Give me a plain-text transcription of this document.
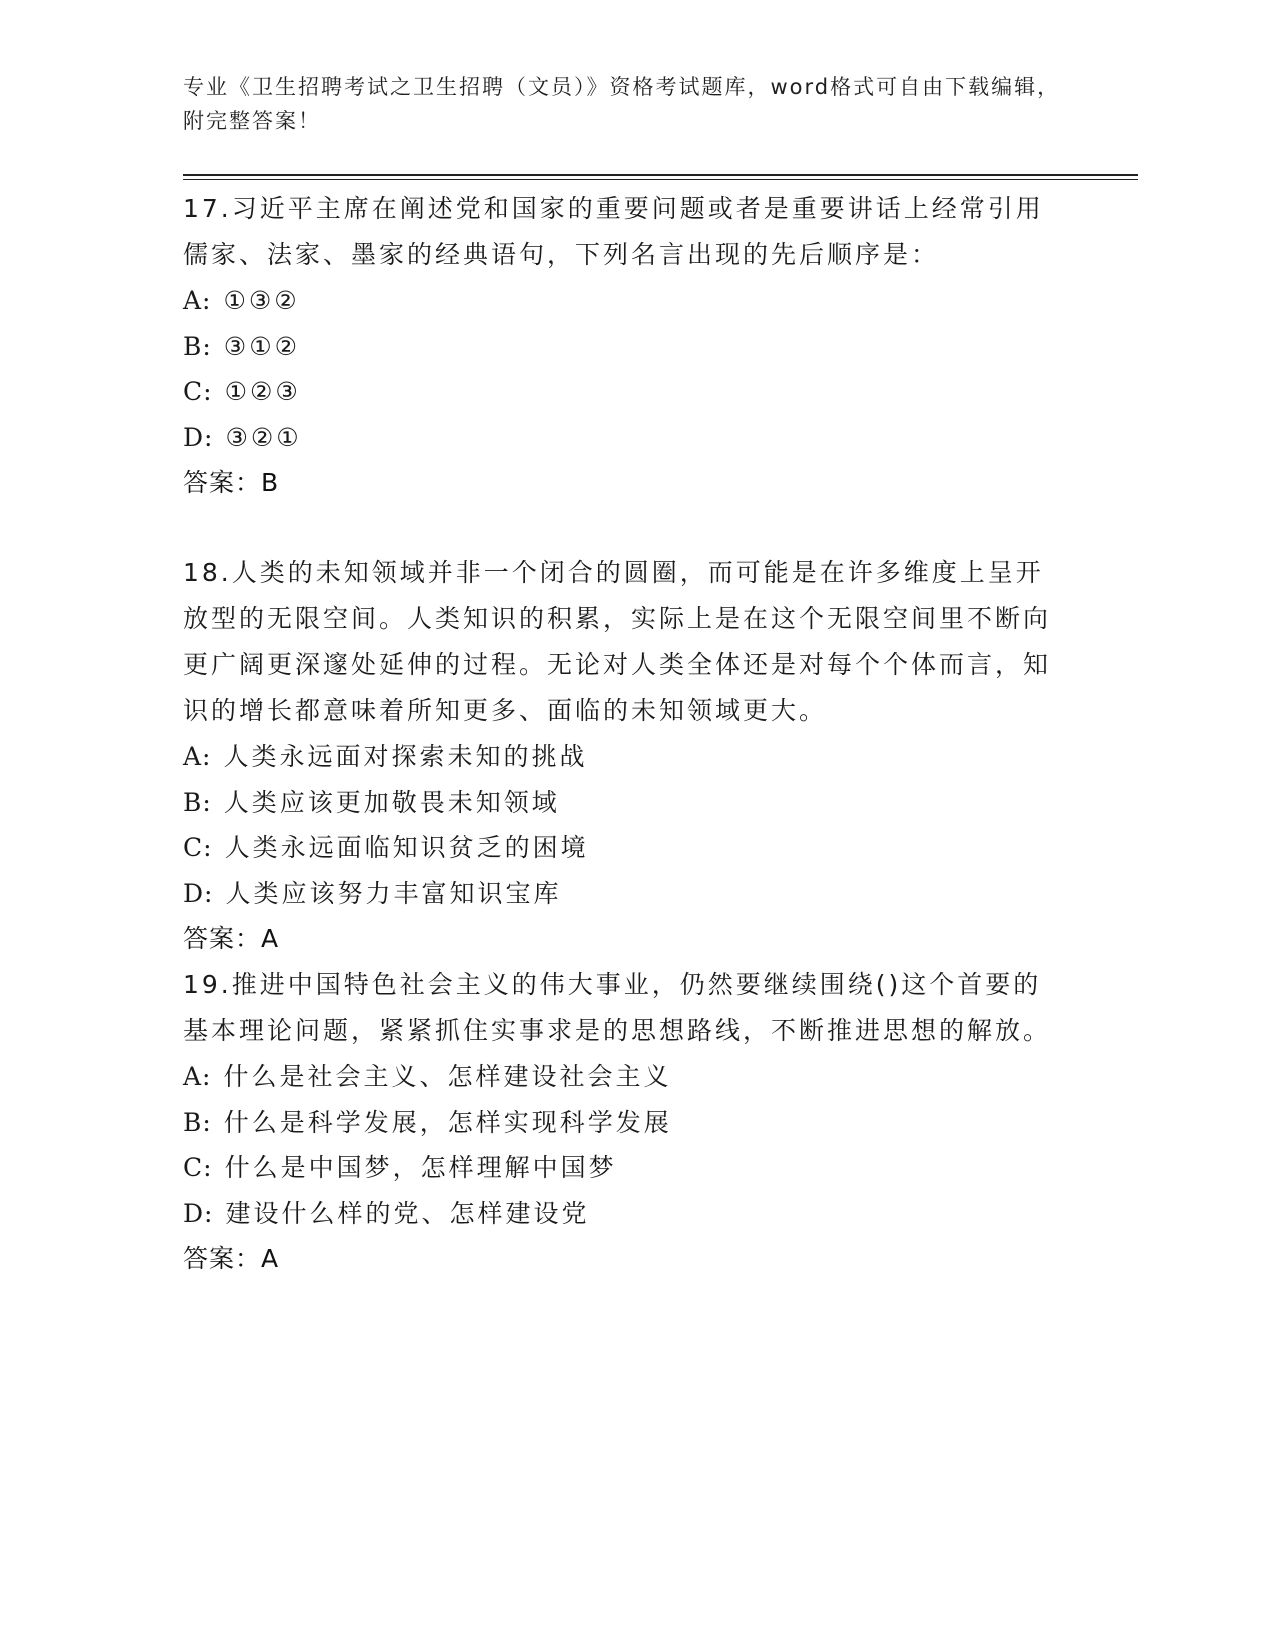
专业《卫生招聘考试之卫生招聘（文员）》资格考试题库，word格式可自由下载编辑，附完整答案！

17.习近平主席在阐述党和国家的重要问题或者是重要讲话上经常引用儒家、法家、墨家的经典语句，下列名言出现的先后顺序是：

A: ①③②

B: ③①②

C: ①②③

D: ③②①

答案：B

18.人类的未知领域并非一个闭合的圆圈，而可能是在许多维度上呈开放型的无限空间。人类知识的积累，实际上是在这个无限空间里不断向更广阔更深邃处延伸的过程。无论对人类全体还是对每个个体而言，知识的增长都意味着所知更多、面临的未知领域更大。

A: 人类永远面对探索未知的挑战

B: 人类应该更加敬畏未知领域

C: 人类永远面临知识贫乏的困境

D: 人类应该努力丰富知识宝库

答案：A

19.推进中国特色社会主义的伟大事业，仍然要继续围绕()这个首要的基本理论问题，紧紧抓住实事求是的思想路线，不断推进思想的解放。

A: 什么是社会主义、怎样建设社会主义

B: 什么是科学发展，怎样实现科学发展

C: 什么是中国梦，怎样理解中国梦

D: 建设什么样的党、怎样建设党

答案：A
